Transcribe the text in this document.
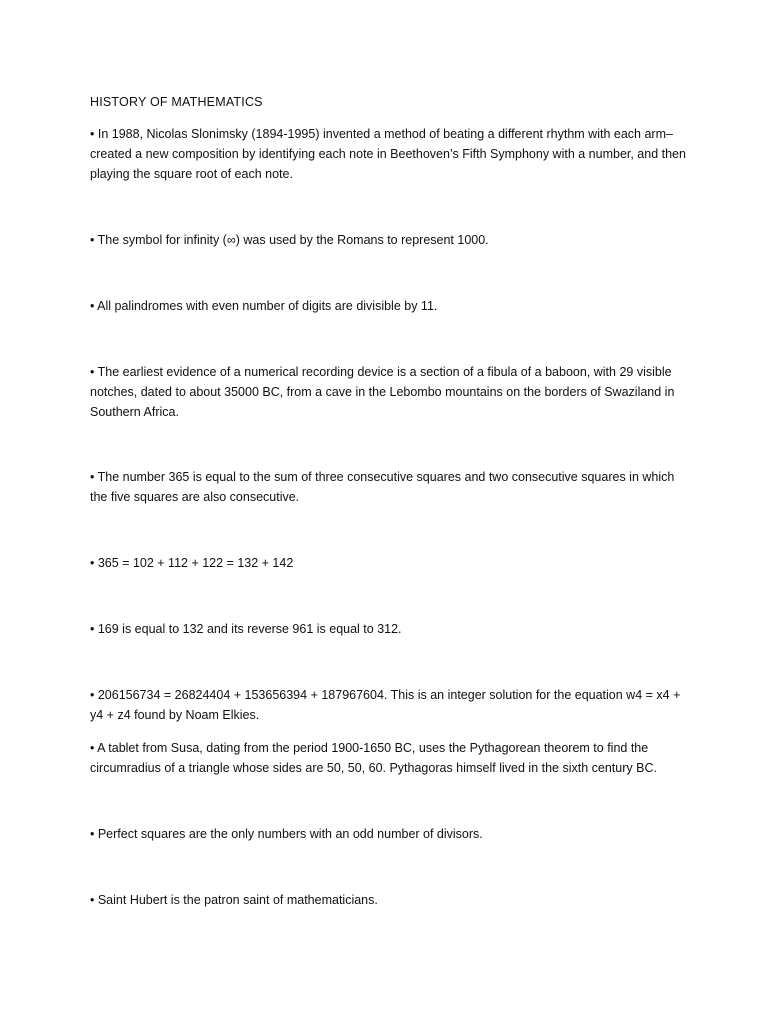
HISTORY OF MATHEMATICS

• In 1988, Nicolas Slonimsky (1894-1995) invented a method of beating a different rhythm with each arm–created a new composition by identifying each note in Beethoven’s Fifth Symphony with a number, and then playing the square root of each note.

• The symbol for infinity (∞) was used by the Romans to represent 1000.

• All palindromes with even number of digits are divisible by 11.

• The earliest evidence of a numerical recording device is a section of a fibula of a baboon, with 29 visible notches, dated to about 35000 BC, from a cave in the Lebombo mountains on the borders of Swaziland in Southern Africa.

• The number 365 is equal to the sum of three consecutive squares and two consecutive squares in which the five squares are also consecutive.

• 365 = 102 + 112 + 122 = 132 + 142

• 169 is equal to 132 and its reverse 961 is equal to 312.

• 206156734 = 26824404 + 153656394 + 187967604. This is an integer solution for the equation w4 = x4 + y4 + z4 found by Noam Elkies.

• A tablet from Susa, dating from the period 1900-1650 BC, uses the Pythagorean theorem to find the circumradius of a triangle whose sides are 50, 50, 60. Pythagoras himself lived in the sixth century BC.

• Perfect squares are the only numbers with an odd number of divisors.

• Saint Hubert is the patron saint of mathematicians.
